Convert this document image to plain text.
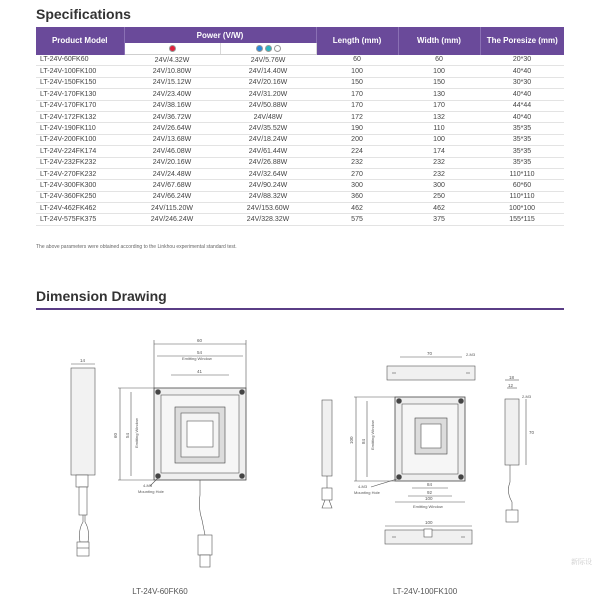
Specifications
Product Model	Power (V/W)		Length (mm)	Width (mm)	The Poresize (mm)

LT-24V-60FK60	24V/4.32W	24V/5.76W	60	60	20*30
LT-24V-100FK100	24V/10.80W	24V/14.40W	100	100	40*40
LT-24V-150FK150	24V/15.12W	24V/20.16W	150	150	30*30
LT-24V-170FK130	24V/23.40W	24V/31.20W	170	130	40*40
LT-24V-170FK170	24V/38.16W	24V/50.88W	170	170	44*44
LT-24V-172FK132	24V/36.72W	24V/48W	172	132	40*40
LT-24V-190FK110	24V/26.64W	24V/35.52W	190	110	35*35
LT-24V-200FK100	24V/13.68W	24V/18.24W	200	100	35*35
LT-24V-224FK174	24V/46.08W	24V/61.44W	224	174	35*35
LT-24V-232FK232	24V/20.16W	24V/26.88W	232	232	35*35
LT-24V-270FK232	24V/24.48W	24V/32.64W	270	232	110*110
LT-24V-300FK300	24V/67.68W	24V/90.24W	300	300	60*60
LT-24V-360FK250	24V/66.24W	24V/88.32W	360	250	110*110
LT-24V-462FK462	24V/115.20W	24V/153.60W	462	462	100*100
LT-24V-575FK375	24V/246.24W	24V/328.32W	575	375	155*115
The above parameters were obtained according to the Linkhou experimental standard test.
Dimension Drawing
14
60
54
Emitting Window
41
60 54 Emitting Window
4-M3
Mounting Hole
70	2-M3
18
12
2-M3
70
100 84 Emitting Window
4-M3
Mounting Hole
84
92
100
Emitting Window
100
LT-24V-60FK60	LT-24V-100FK100
新际设
